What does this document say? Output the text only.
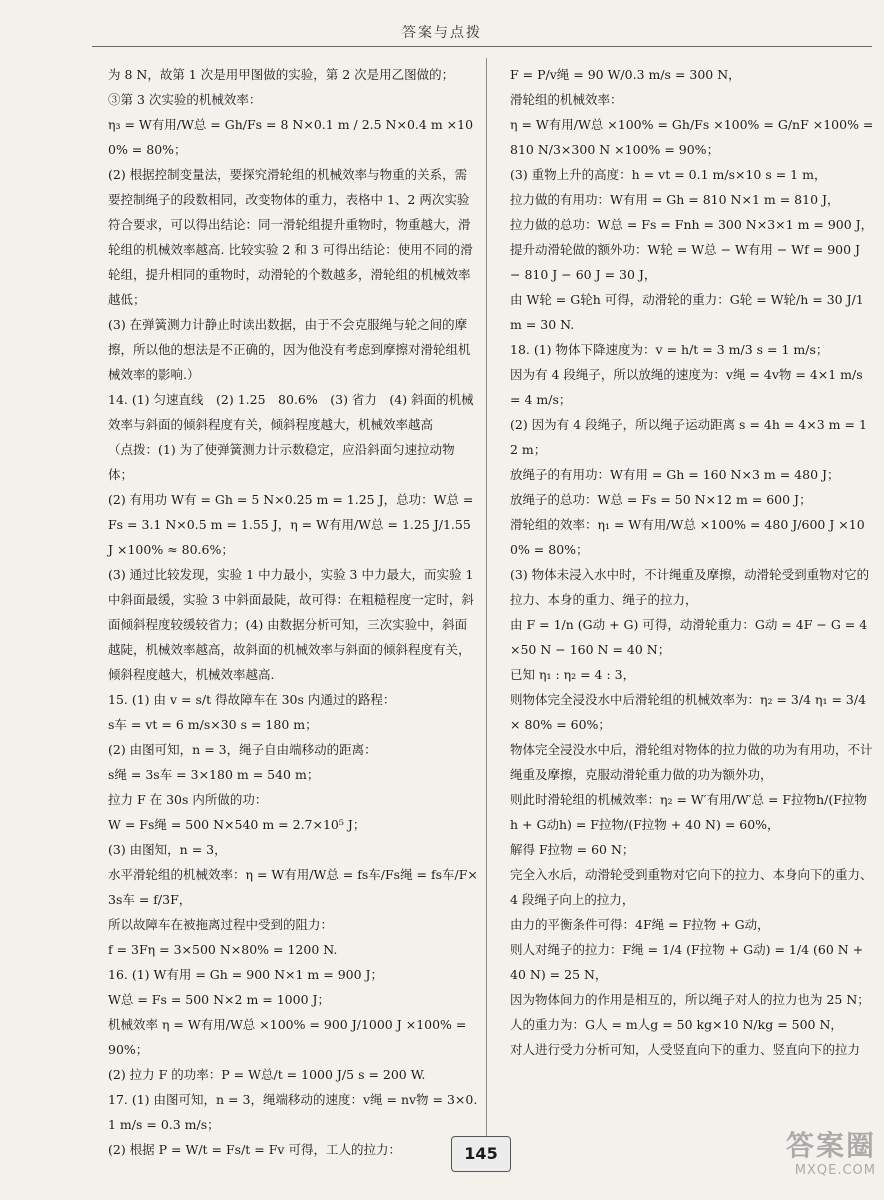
答案与点拨

为 8 N，故第 1 次是用甲图做的实验，第 2 次是用乙图做的；

③第 3 次实验的机械效率：

η₃ = W有用/W总 = Gh/Fs = 8 N×0.1 m / 2.5 N×0.4 m ×100% = 80%；

(2) 根据控制变量法，要探究滑轮组的机械效率与物重的关系，需要控制绳子的段数相同，改变物体的重力，表格中 1、2 两次实验符合要求，可以得出结论：同一滑轮组提升重物时，物重越大，滑轮组的机械效率越高. 比较实验 2 和 3 可得出结论：使用不同的滑轮组，提升相同的重物时，动滑轮的个数越多，滑轮组的机械效率越低；

(3) 在弹簧测力计静止时读出数据，由于不会克服绳与轮之间的摩擦，所以他的想法是不正确的，因为他没有考虑到摩擦对滑轮组机械效率的影响.）

14. (1) 匀速直线　(2) 1.25　80.6%　(3) 省力　(4) 斜面的机械效率与斜面的倾斜程度有关，倾斜程度越大，机械效率越高

（点拨：(1) 为了使弹簧测力计示数稳定，应沿斜面匀速拉动物体；

(2) 有用功 W有 = Gh = 5 N×0.25 m = 1.25 J，总功：W总 = Fs = 3.1 N×0.5 m = 1.55 J，η = W有用/W总 = 1.25 J/1.55 J ×100% ≈ 80.6%；

(3) 通过比较发现，实验 1 中力最小，实验 3 中力最大，而实验 1 中斜面最缓，实验 3 中斜面最陡，故可得：在粗糙程度一定时，斜面倾斜程度较缓较省力；(4) 由数据分析可知，三次实验中，斜面越陡，机械效率越高，故斜面的机械效率与斜面的倾斜程度有关，倾斜程度越大，机械效率越高.

15. (1) 由 v = s/t 得故障车在 30s 内通过的路程：

s车 = vt = 6 m/s×30 s = 180 m；

(2) 由图可知，n = 3，绳子自由端移动的距离：

s绳 = 3s车 = 3×180 m = 540 m；

拉力 F 在 30s 内所做的功：

W = Fs绳 = 500 N×540 m = 2.7×10⁵ J；

(3) 由图知，n = 3，

水平滑轮组的机械效率：η = W有用/W总 = fs车/Fs绳 = fs车/F×3s车 = f/3F，

所以故障车在被拖离过程中受到的阻力：

f = 3Fη = 3×500 N×80% = 1200 N.

16. (1) W有用 = Gh = 900 N×1 m = 900 J；

W总 = Fs = 500 N×2 m = 1000 J；

机械效率 η = W有用/W总 ×100% = 900 J/1000 J ×100% = 90%；

(2) 拉力 F 的功率：P = W总/t = 1000 J/5 s = 200 W.

17. (1) 由图可知，n = 3，绳端移动的速度：v绳 = nv物 = 3×0.1 m/s = 0.3 m/s；

(2) 根据 P = W/t = Fs/t = Fv 可得，工人的拉力：

F = P/v绳 = 90 W/0.3 m/s = 300 N，

滑轮组的机械效率：

η = W有用/W总 ×100% = Gh/Fs ×100% = G/nF ×100% = 810 N/3×300 N ×100% = 90%；

(3) 重物上升的高度：h = vt = 0.1 m/s×10 s = 1 m，

拉力做的有用功：W有用 = Gh = 810 N×1 m = 810 J，

拉力做的总功：W总 = Fs = Fnh = 300 N×3×1 m = 900 J，

提升动滑轮做的额外功：W轮 = W总 − W有用 − Wf = 900 J − 810 J − 60 J = 30 J，

由 W轮 = G轮h 可得，动滑轮的重力：G轮 = W轮/h = 30 J/1 m = 30 N.

18. (1) 物体下降速度为：v = h/t = 3 m/3 s = 1 m/s；

因为有 4 段绳子，所以放绳的速度为：v绳 = 4v物 = 4×1 m/s = 4 m/s；

(2) 因为有 4 段绳子，所以绳子运动距离 s = 4h = 4×3 m = 12 m；

放绳子的有用功：W有用 = Gh = 160 N×3 m = 480 J；

放绳子的总功：W总 = Fs = 50 N×12 m = 600 J；

滑轮组的效率：η₁ = W有用/W总 ×100% = 480 J/600 J ×100% = 80%；

(3) 物体未浸入水中时，不计绳重及摩擦，动滑轮受到重物对它的拉力、本身的重力、绳子的拉力，

由 F = 1/n (G动 + G) 可得，动滑轮重力：G动 = 4F − G = 4×50 N − 160 N = 40 N；

已知 η₁ : η₂ = 4 : 3，

则物体完全浸没水中后滑轮组的机械效率为：η₂ = 3/4 η₁ = 3/4 × 80% = 60%；

物体完全浸没水中后，滑轮组对物体的拉力做的功为有用功，不计绳重及摩擦，克服动滑轮重力做的功为额外功，

则此时滑轮组的机械效率：η₂ = W′有用/W′总 = F拉物h/(F拉物h + G动h) = F拉物/(F拉物 + 40 N) = 60%，

解得 F拉物 = 60 N；

完全入水后，动滑轮受到重物对它向下的拉力、本身向下的重力、4 段绳子向上的拉力，

由力的平衡条件可得：4F绳 = F拉物 + G动，

则人对绳子的拉力：F绳 = 1/4 (F拉物 + G动) = 1/4 (60 N + 40 N) = 25 N，

因为物体间力的作用是相互的，所以绳子对人的拉力也为 25 N；

人的重力为：G人 = m人g = 50 kg×10 N/kg = 500 N，

对人进行受力分析可知，人受竖直向下的重力、竖直向下的拉力

145	答案圈
MXQE.COM
